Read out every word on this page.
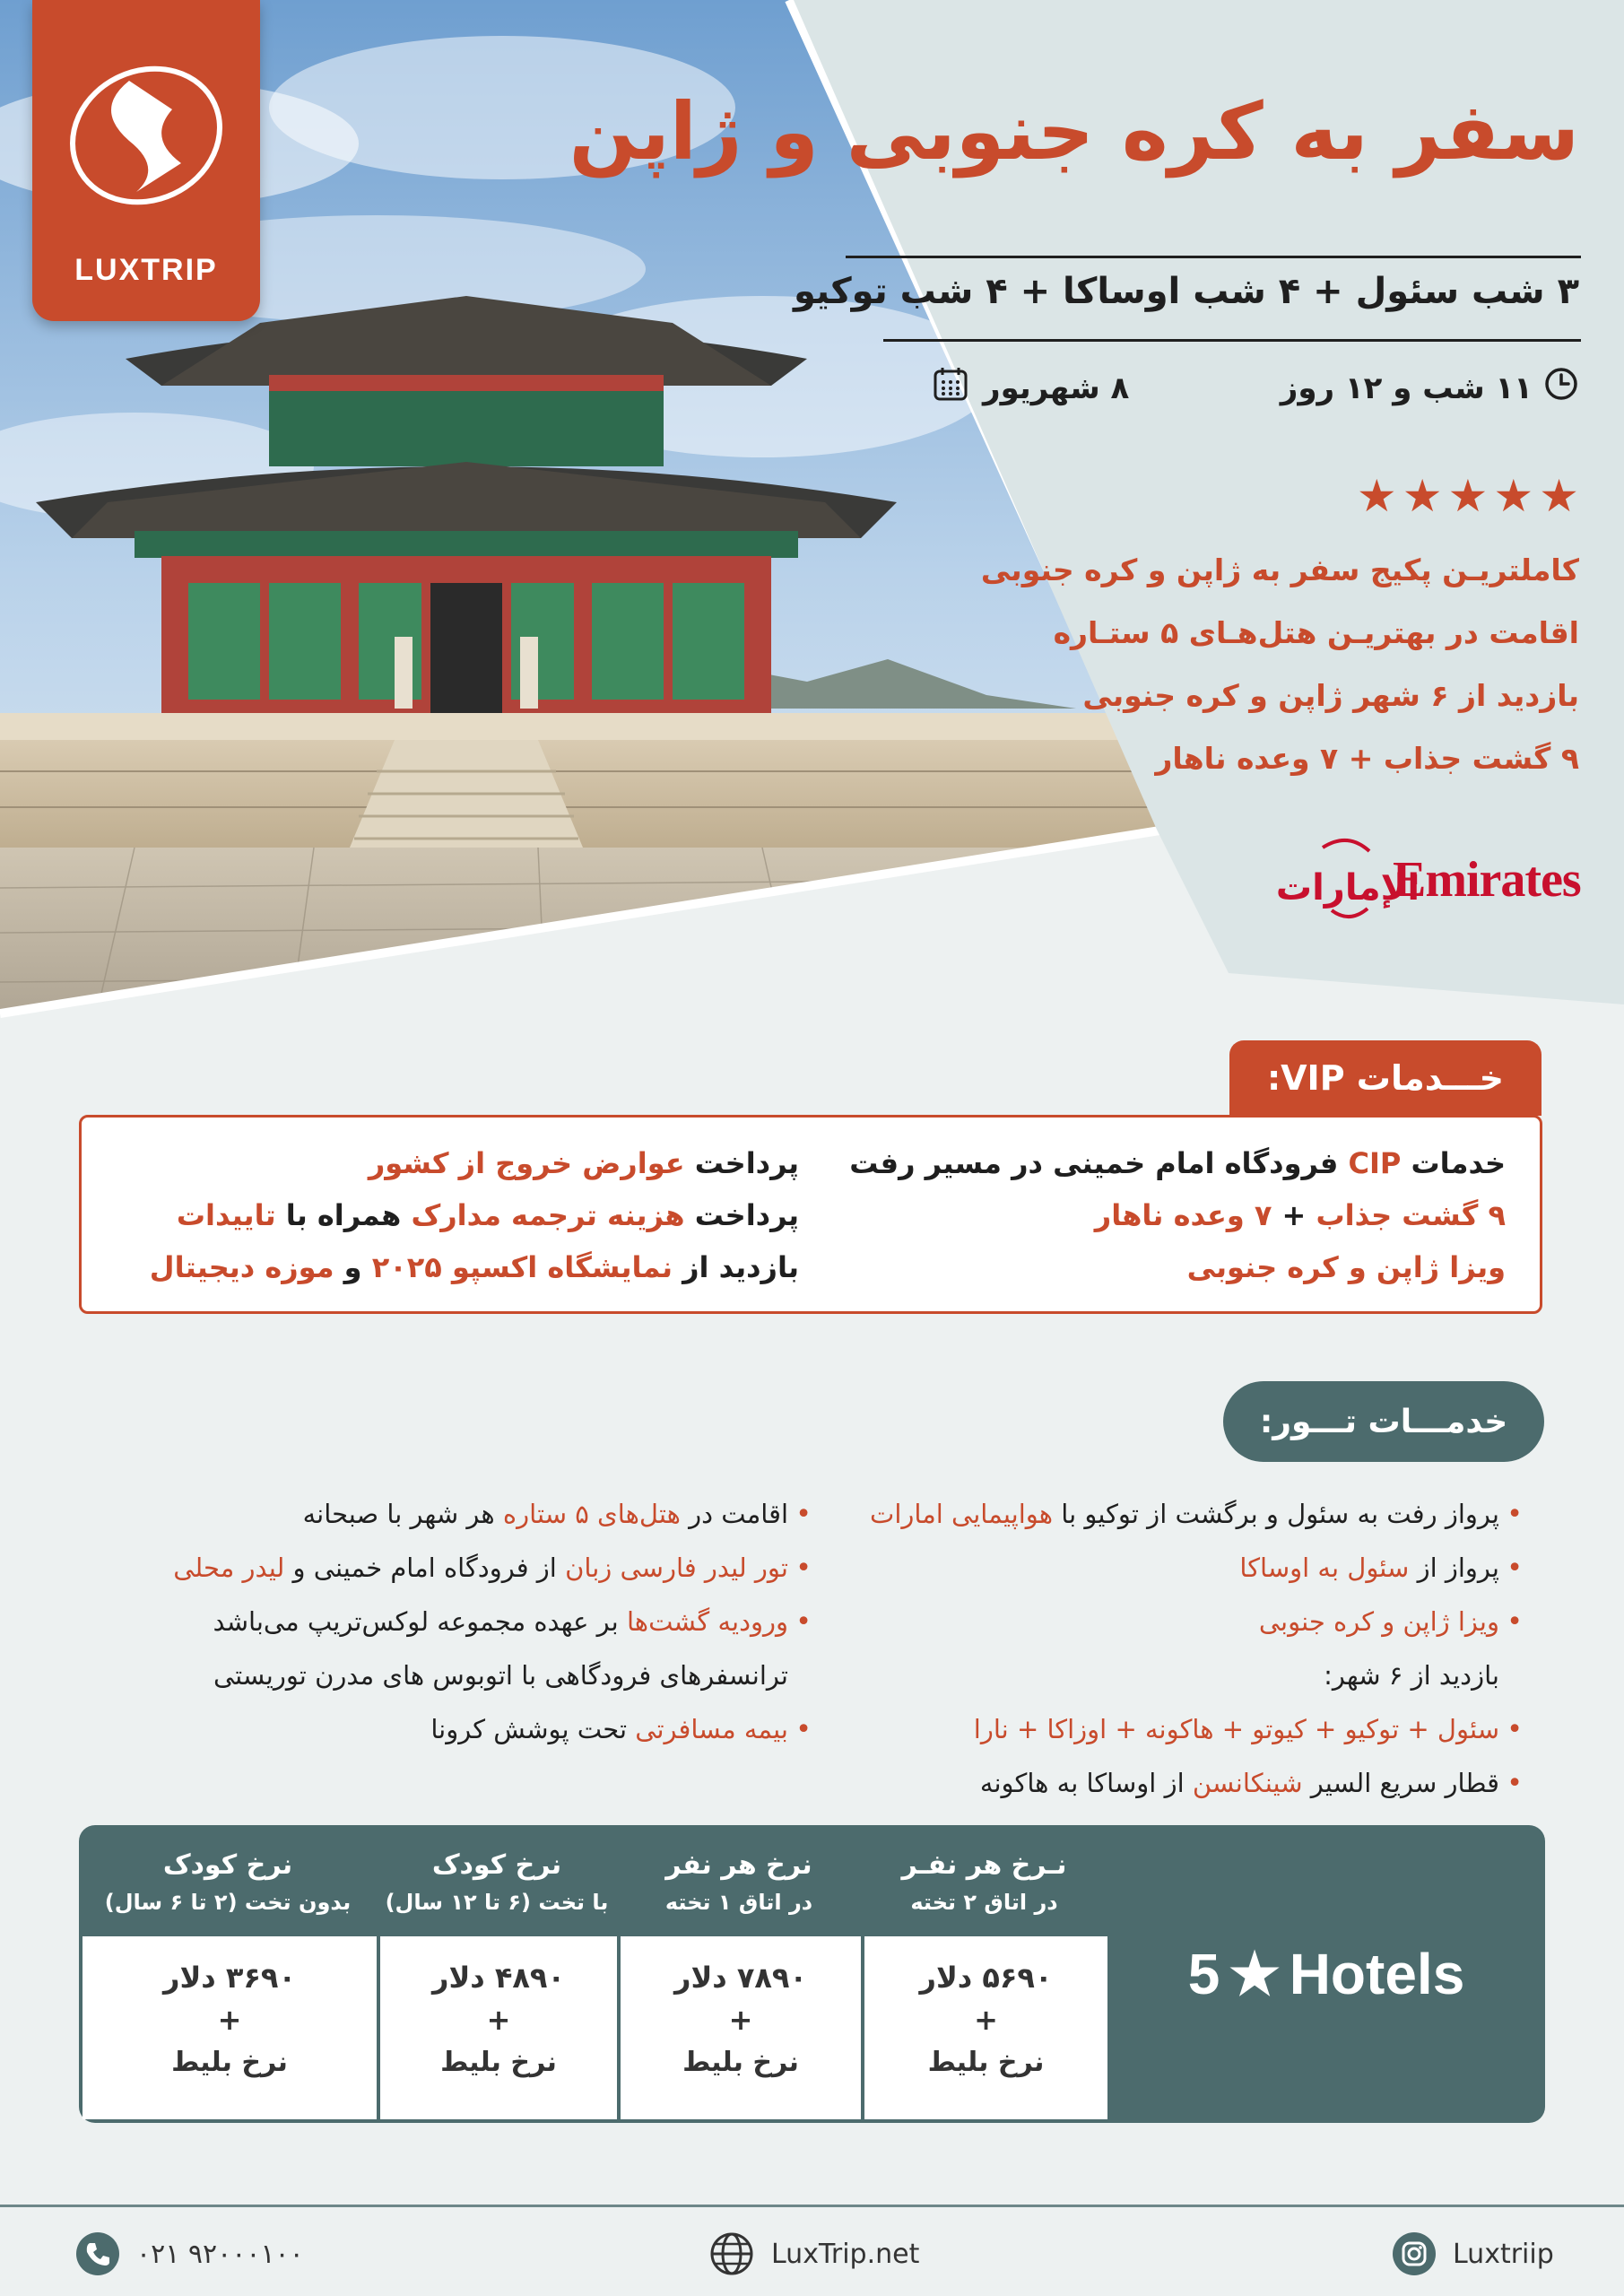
LUXTRIP
سفر به کره جنوبی و ژاپن
۳ شب سئول + ۴ شب اوساکا + ۴ شب توکیو
۱۱ شب و ۱۲ روز
۸ شهریور
★ ★ ★ ★ ★
کاملتریـن پکیج سفر به ژاپن و کره جنوبی
اقامت در بهتریـن هتل‌هـای ۵ ستـاره
بازدید از ۶ شهر ژاپن و کره جنوبی
۹ گشت جذاب + ۷ وعده ناهار
الإمارات
Emirates
خـــدمات VIP:
خدمات CIP فرودگاه امام خمینی در مسیر رفت
۹ گشت جذاب + ۷ وعده ناهار
ویزا ژاپن و کره جنوبی
پرداخت عوارض خروج از کشور
پرداخت هزینه ترجمه مدارک همراه با تاییدات
بازدید از نمایشگاه اکسپو ۲۰۲۵ و موزه دیجیتال
خدمـــات تـــور:
•پرواز رفت به سئول و برگشت از توکیو با هواپیمایی امارات
•پرواز از سئول به اوساکا
•ویزا ژاپن و کره جنوبی
بازدید از ۶ شهر:
•سئول + توکیو + کیوتو + هاکونه + اوزاکا + نارا
•قطار سریع السیر شینکانسن از اوساکا به هاکونه
•اقامت در هتل‌های ۵ ستاره هر شهر با صبحانه
•تور لیدر فارسی زبان از فرودگاه امام خمینی و لیدر محلی
•ورودیه گشت‌ها بر عهده مجموعه لوکس‌تریپ می‌باشد
ترانسفرهای فرودگاهی با اتوبوس های مدرن توریستی
•بیمه مسافرتی تحت پوشش کرونا
5 ★ Hotels
نـرخ هر نفـر
در اتاق ۲ تخته
۵۶۹۰ دلار
+
نرخ بلیط
نرخ هر نفر
در اتاق ۱ تخته
۷۸۹۰ دلار
+
نرخ بلیط
نرخ کودک
با تخت (۶ تا ۱۲ سال)
۴۸۹۰ دلار
+
نرخ بلیط
نرخ کودک
بدون تخت (۲ تا ۶ سال)
۳۶۹۰ دلار
+
نرخ بلیط
Luxtriip
LuxTrip.net
۰۲۱ ۹۲۰۰۰۱۰۰
